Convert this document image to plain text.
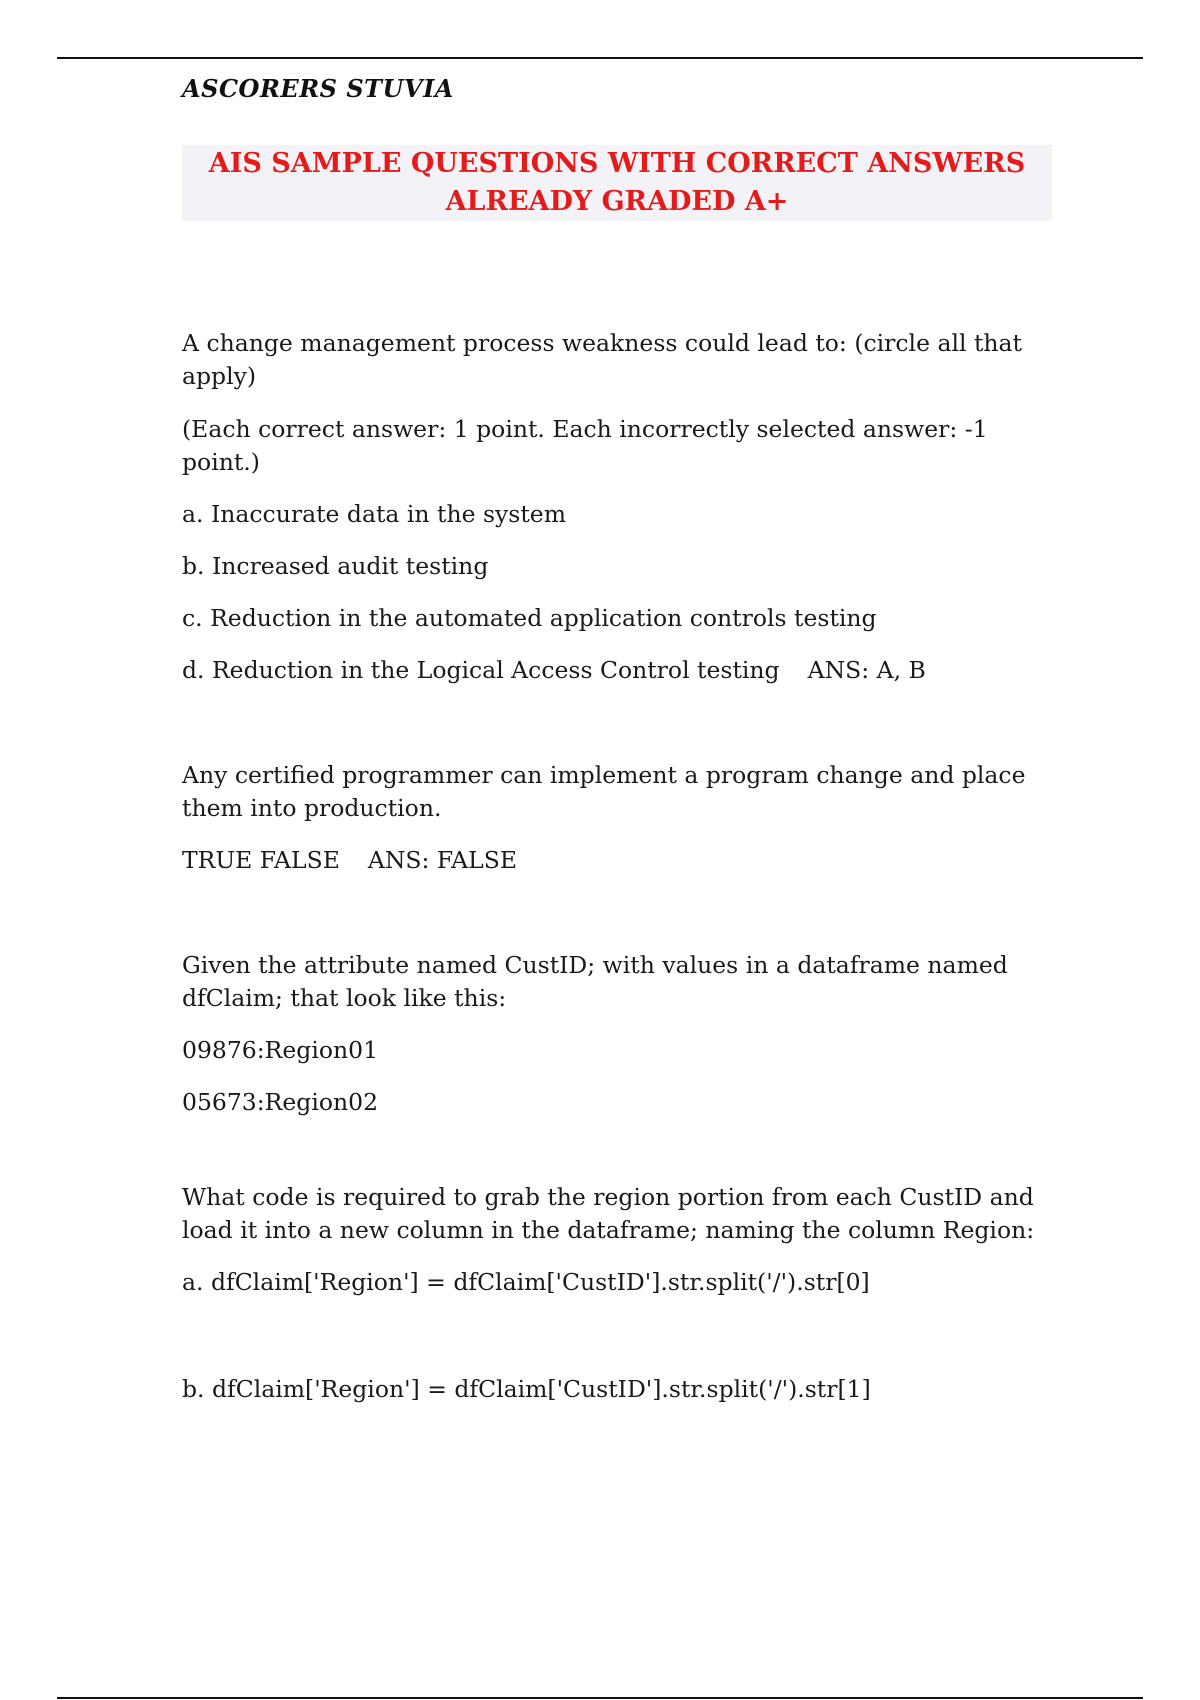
ASCORERS STUVIA
AIS SAMPLE QUESTIONS WITH CORRECT ANSWERS
ALREADY GRADED A+

A change management process weakness could lead to: (circle all that

apply)

(Each correct answer: 1 point. Each incorrectly selected answer: -1

point.)

a. Inaccurate data in the system

b. Increased audit testing

c. Reduction in the automated application controls testing

d. Reduction in the Logical Access Control testing ANS: A, B

Any certified programmer can implement a program change and place

them into production.

TRUE FALSE ANS: FALSE

Given the attribute named CustID; with values in a dataframe named

dfClaim; that look like this:

09876:Region01

05673:Region02

What code is required to grab the region portion from each CustID and

load it into a new column in the dataframe; naming the column Region:

a. dfClaim['Region'] = dfClaim['CustID'].str.split('/').str[0]

b. dfClaim['Region'] = dfClaim['CustID'].str.split('/').str[1]
